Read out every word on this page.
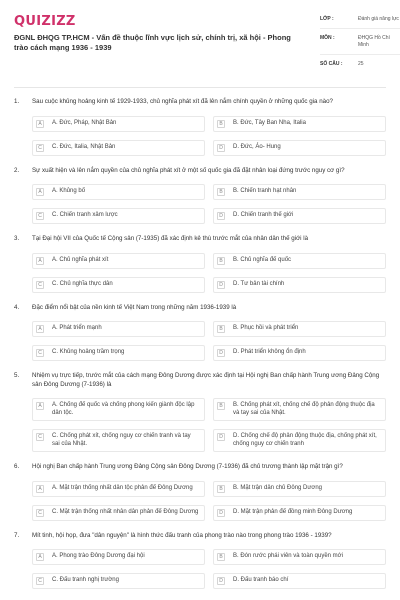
QUIZIZZ
ĐGNL ĐHQG TP.HCM - Vấn đề thuộc lĩnh vực lịch sử, chính trị, xã hội - Phong trào cách mạng 1936 - 1939
LỚP :	Đánh giá năng lực
MÔN :	ĐHQG Hồ Chí Minh
SỐ CÂU :	25
1.	Sau cuộc khủng hoảng kinh tế 1929-1933, chủ nghĩa phát xít đã lên nắm chính quyền ở những quốc gia nào?
A	A. Đức, Pháp, Nhật Bản	B	B. Đức, Tây Ban Nha, Italia
C	C. Đức, Italia, Nhật Bản	D	D. Đức, Áo- Hung
2.	Sự xuất hiện và lên nắm quyền của chủ nghĩa phát xít ở một số quốc gia đã đặt nhân loại đứng trước nguy cơ gì?
A	A. Khủng bố	B	B. Chiến tranh hạt nhân
C	C. Chiến tranh xâm lược	D	D. Chiến tranh thế giới
3.	Tại Đại hội VII của Quốc tế Cộng sản (7-1935) đã xác định kẻ thù trước mắt của nhân dân thế giới là
A	A. Chủ nghĩa phát xít	B	B. Chủ nghĩa đế quốc
C	C. Chủ nghĩa thực dân	D	D. Tư bản tài chính
4.	Đặc điểm nổi bật của nền kinh tế Việt Nam trong những năm 1936-1939 là
A	A. Phát triển mạnh	B	B. Phục hồi và phát triển
C	C. Khủng hoảng trầm trọng	D	D. Phát triển không ổn định
5.	Nhiệm vụ trực tiếp, trước mắt của cách mạng Đông Dương được xác định tại Hội nghị Ban chấp hành Trung ương Đảng Cộng sản Đông Dương (7-1936) là
A	A. Chống đế quốc và chống phong kiến giành độc lập dân tộc.
B	B. Chống phát xít, chống chế độ phản động thuộc địa và tay sai của Nhật.
C	C. Chống phát xít, chống nguy cơ chiến tranh và tay sai của Nhật.
D	D. Chống chế độ phản động thuộc địa, chống phát xít, chống nguy cơ chiến tranh
6.	Hội nghị Ban chấp hành Trung ương Đảng Cộng sản Đông Dương (7-1936) đã chủ trương thành lập mặt trận gì?
A	A. Mặt trận thống nhất dân tộc phản đế Đông Dương	B	B. Mặt trận dân chủ Đông Dương
C	C. Mặt trận thống nhất nhân dân phản đế Đông Dương	D	D. Mặt trận phản đế đồng minh Đông Dương
7.	Mít tinh, hội họp, đưa "dân nguyện" là hình thức đấu tranh của phong trào nào trong phong trào 1936 - 1939?
A	A. Phong trào Đông Dương đại hội	B	B. Đón rước phái viên và toàn quyền mới
C	C. Đấu tranh nghị trường	D	D. Đấu tranh báo chí
